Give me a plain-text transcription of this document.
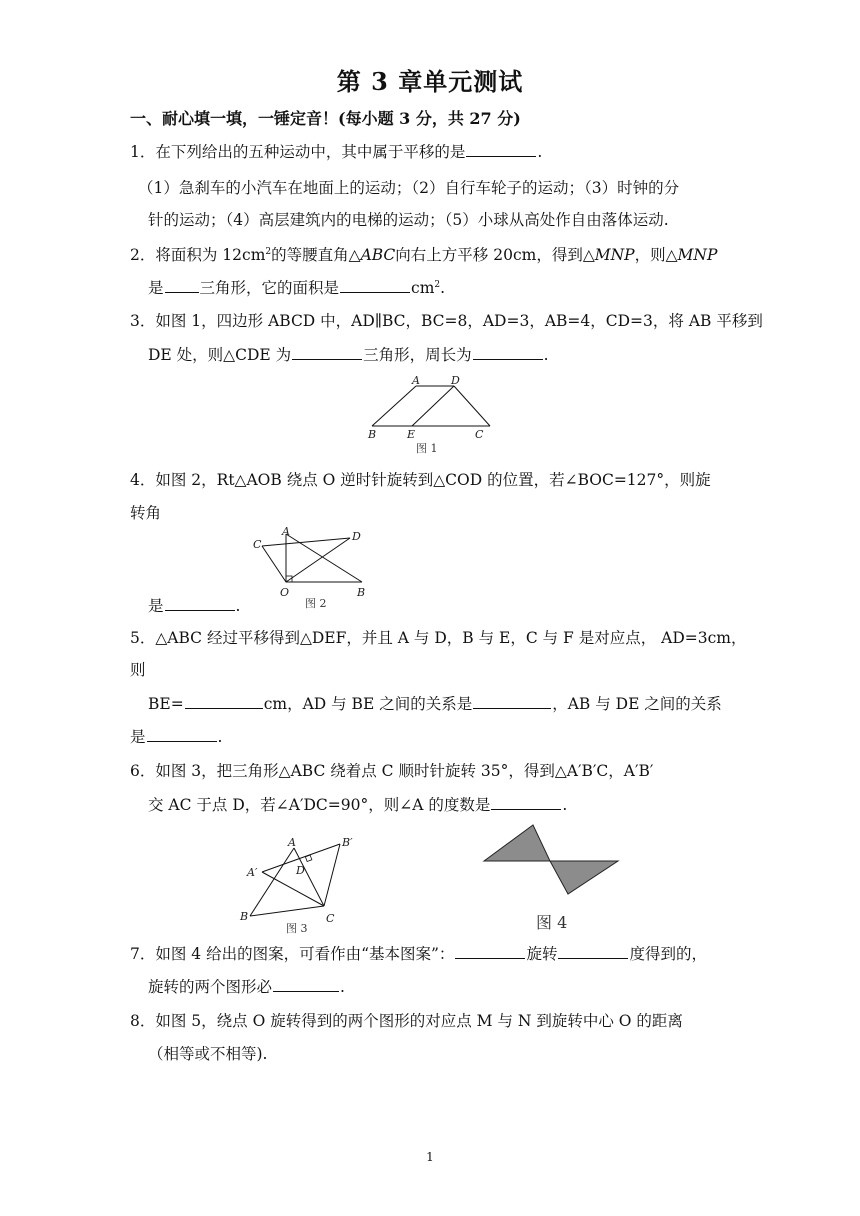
第 3 章单元测试
一、耐心填一填，一锤定音！(每小题 3 分，共 27 分)
1．在下列给出的五种运动中，其中属于平移的是	.
（1）急刹车的小汽车在地面上的运动；（2）自行车轮子的运动；（3）时钟的分
针的运动；（4）高层建筑内的电梯的运动；（5）小球从高处作自由落体运动.
2．将面积为 $12cm^2$的等腰直角△ABC向右上方平移 20cm，得到△MNP，则△MNP
是 三角形，它的面积是	$cm^2$.
3．如图 1，四边形 ABCD 中，AD∥BC，BC=8，AD=3，AB=4，CD=3，将 AB 平移到
DE 处，则△CDE 为	三角形，周长为	.
A	D
B	E	C
图 1
4．如图 2，Rt△AOB 绕点 O 逆时针旋转到△COD 的位置，若∠BOC=127°，则旋
转角
C
A	D
O	B
图 2
是	.
5．△ABC 经过平移得到△DEF，并且 A 与 D，B 与 E，C 与 F 是对应点， AD=3cm，
则
BE=	cm，AD 与 BE 之间的关系是	，AB 与 DE 之间的关系
是	.
6．如图 3，把三角形△ABC 绕着点 C 顺时针旋转 35°，得到△A′B′C，A′B′
交 AC 于点 D，若∠A′DC=90°，则∠A 的度数是	.
A	B′
A′	D
B	C
图 3	图 4
7．如图 4 给出的图案，可看作由“基本图案”：	旋转	度得到的，
旋转的两个图形必	.
8．如图 5，绕点 O 旋转得到的两个图形的对应点 M 与 N 到旋转中心 O 的距离
（相等或不相等).
1
